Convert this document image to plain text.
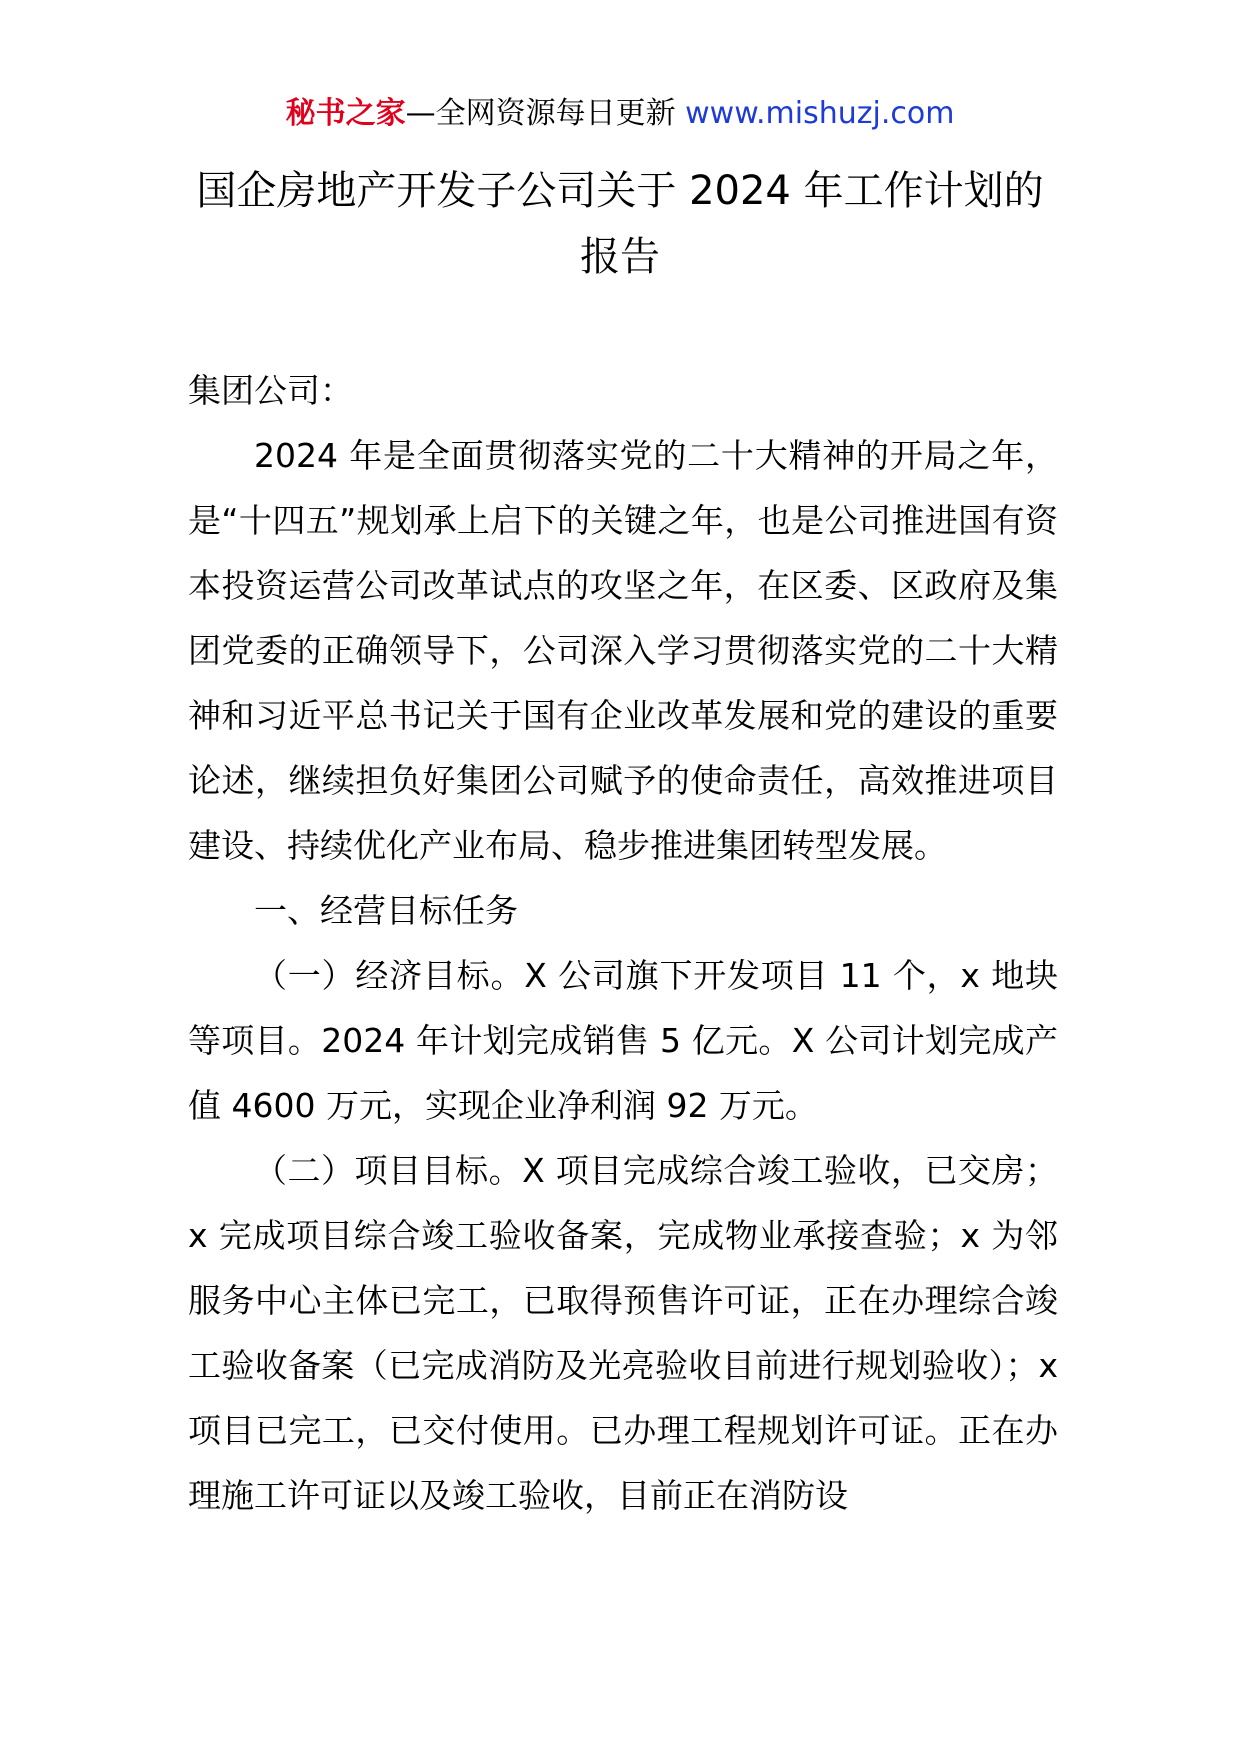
秘书之家—全网资源每日更新 www.mishuzj.com
国企房地产开发子公司关于 2024 年工作计划的
报告

集团公司：

2024 年是全面贯彻落实党的二十大精神的开局之年，是“十四五”规划承上启下的关键之年，也是公司推进国有资本投资运营公司改革试点的攻坚之年，在区委、区政府及集团党委的正确领导下，公司深入学习贯彻落实党的二十大精神和习近平总书记关于国有企业改革发展和党的建设的重要论述，继续担负好集团公司赋予的使命责任，高效推进项目建设、持续优化产业布局、稳步推进集团转型发展。

一、经营目标任务

（一）经济目标。X 公司旗下开发项目 11 个，x 地块等项目。2024 年计划完成销售 5 亿元。X 公司计划完成产值 4600 万元，实现企业净利润 92 万元。

（二）项目目标。X 项目完成综合竣工验收，已交房；x 完成项目综合竣工验收备案，完成物业承接查验；x 为邻服务中心主体已完工，已取得预售许可证，正在办理综合竣工验收备案（已完成消防及光亮验收目前进行规划验收）；x 项目已完工，已交付使用。已办理工程规划许可证。正在办理施工许可证以及竣工验收，目前正在消防设
